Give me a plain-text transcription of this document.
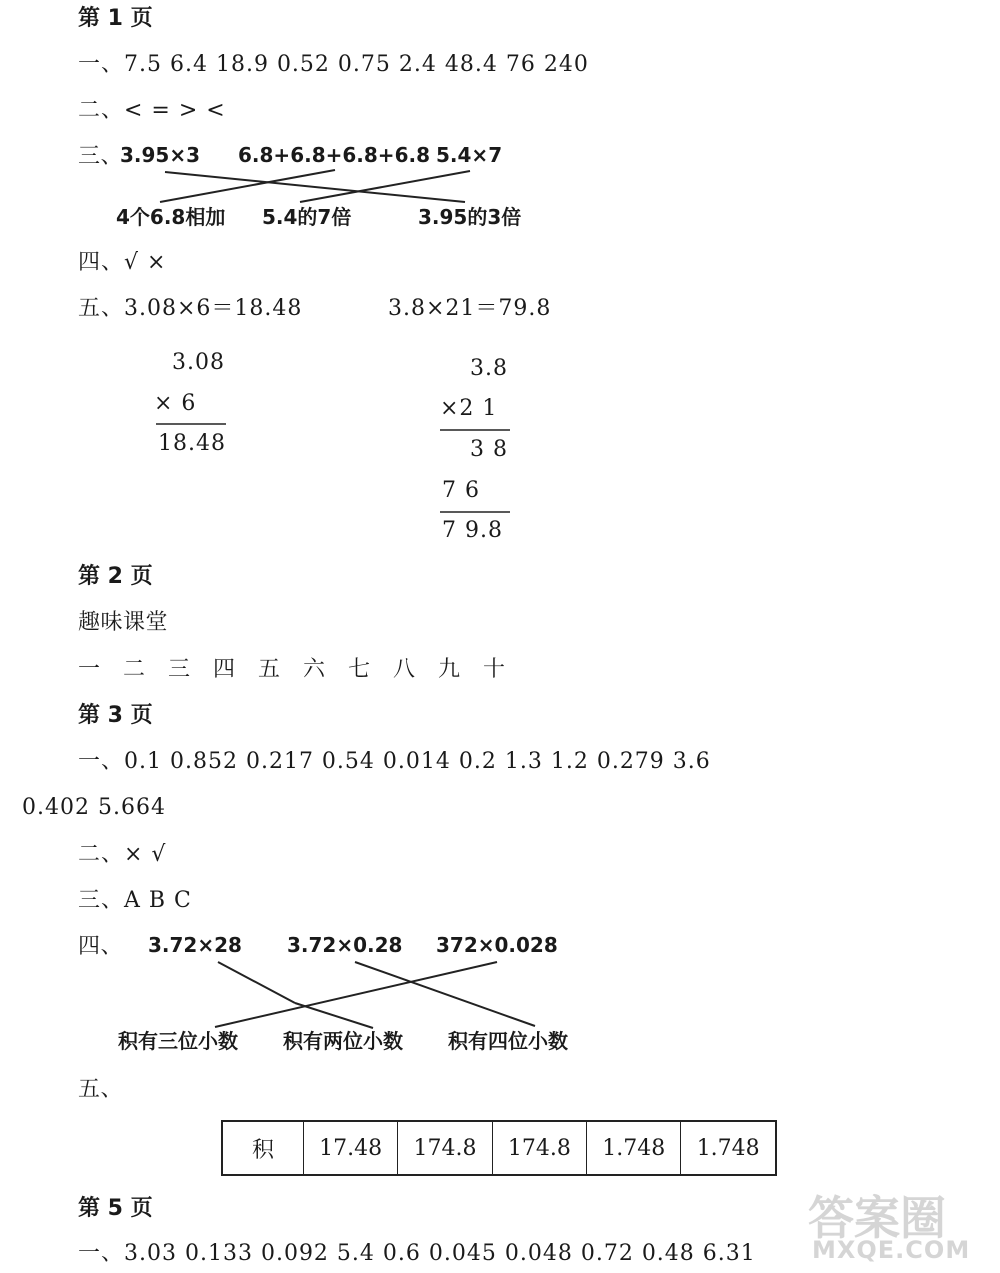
第 1 页
一、7.5 6.4 18.9 0.52 0.75 2.4 48.4 76 240
二、< = > <
三、
3.95×3 6.8+6.8+6.8+6.8 5.4×7
4个6.8相加 5.4的7倍	3.95的3倍
四、√ ×
五、3.08×6＝18.48	3.8×21＝79.8
3.08
× 6
18.48
3.8
×2 1
3 8
7 6
7 9.8
第 2 页
趣味课堂
一 二 三 四 五 六 七 八 九 十
第 3 页
一、0.1 0.852 0.217 0.54 0.014 0.2 1.3 1.2 0.279 3.6
0.402 5.664
二、× √
三、A B C
四、 3.72×28 3.72×0.28 372×0.028
积有三位小数 积有两位小数 积有四位小数
五、
积	17.48	174.8	174.8	1.748	1.748
第 5 页
一、3.03 0.133 0.092 5.4 0.6 0.045 0.048 0.72 0.48 6.31
答案圈
MXQE.COM
